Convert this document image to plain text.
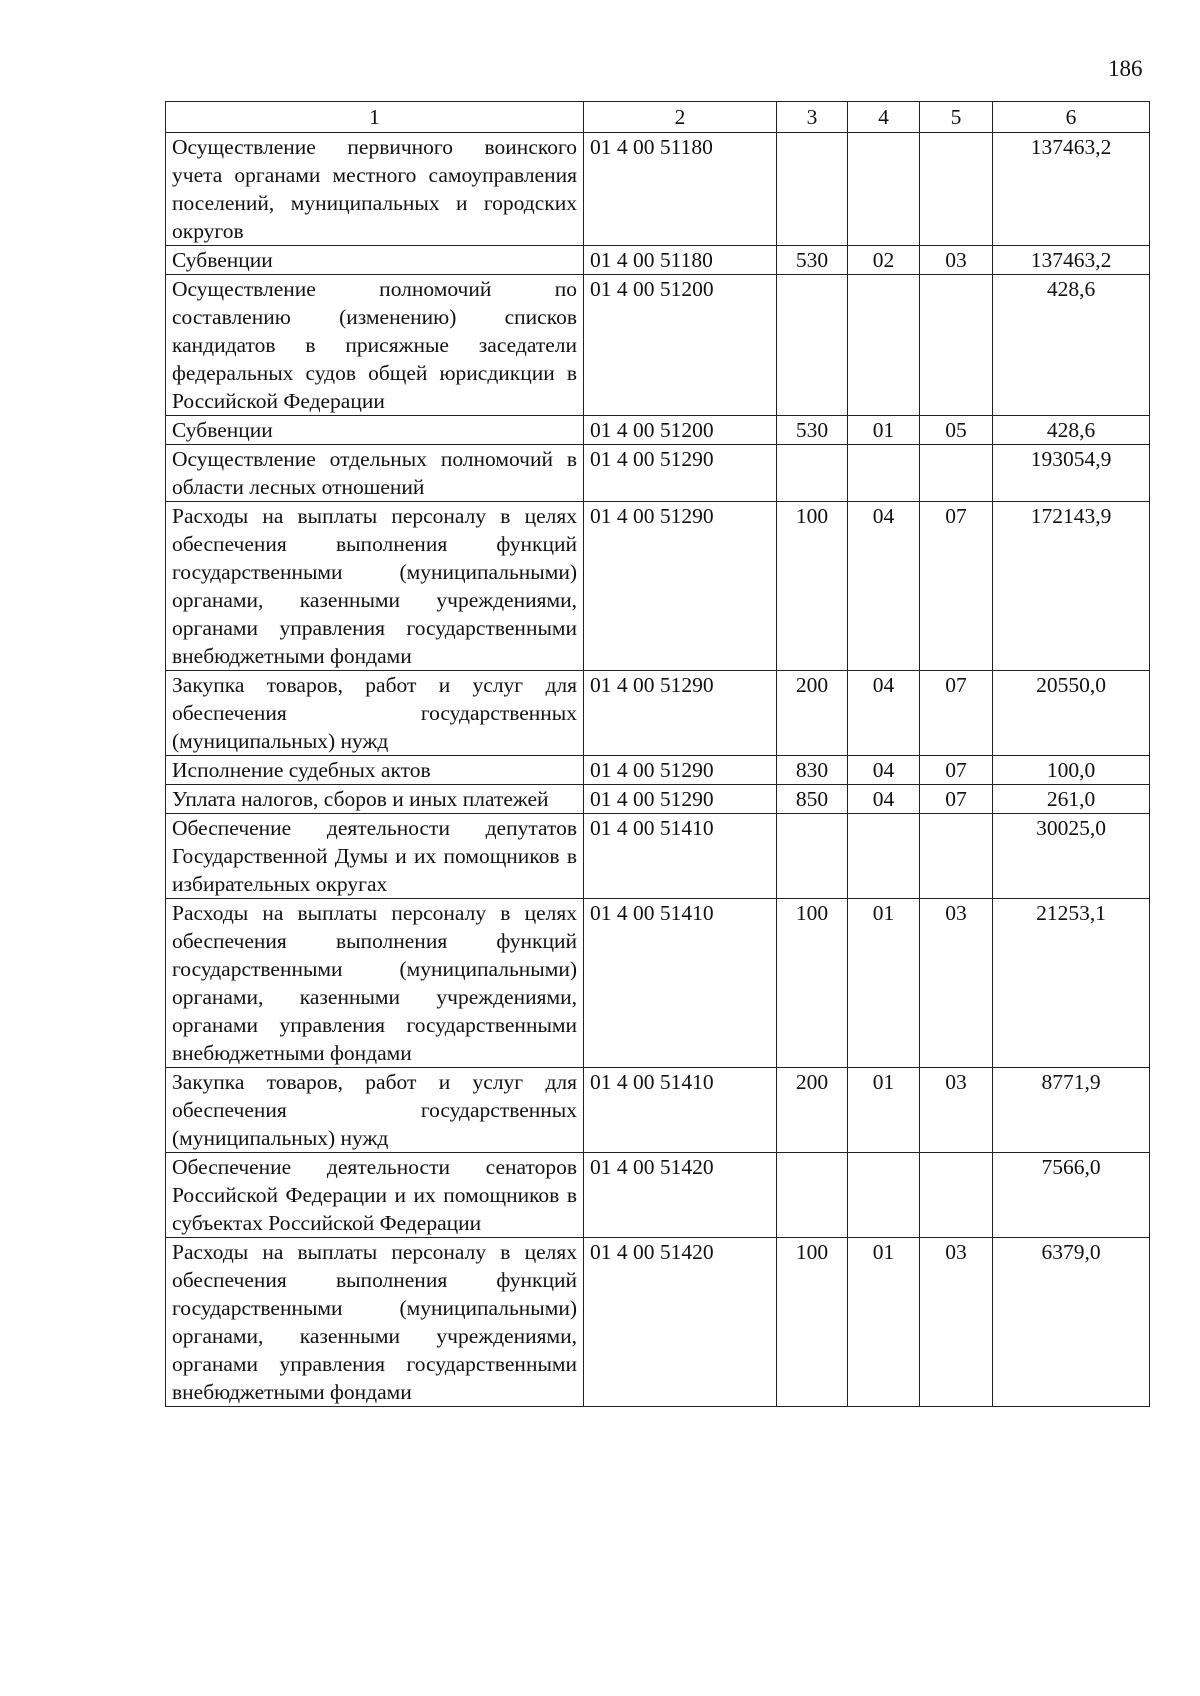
186
1	2	3	4	5	6
Осуществление первичного воинского учета органами местного самоуправления поселений, муниципальных и городских округов	01 4 00 51180				137463,2
Субвенции	01 4 00 51180	530	02	03	137463,2
Осуществление полномочий по составлению (изменению) списков кандидатов в присяжные заседатели федеральных судов общей юрисдикции в Российской Федерации	01 4 00 51200				428,6
Субвенции	01 4 00 51200	530	01	05	428,6
Осуществление отдельных полномочий в области лесных отношений	01 4 00 51290				193054,9
Расходы на выплаты персоналу в целях обеспечения выполнения функций государственными (муниципальными) органами, казенными учреждениями, органами управления государственными внебюджетными фондами	01 4 00 51290	100	04	07	172143,9
Закупка товаров, работ и услуг для обеспечения государственных (муниципальных) нужд	01 4 00 51290	200	04	07	20550,0
Исполнение судебных актов	01 4 00 51290	830	04	07	100,0
Уплата налогов, сборов и иных платежей	01 4 00 51290	850	04	07	261,0
Обеспечение деятельности депутатов Государственной Думы и их помощников в избирательных округах	01 4 00 51410				30025,0
Расходы на выплаты персоналу в целях обеспечения выполнения функций государственными (муниципальными) органами, казенными учреждениями, органами управления государственными внебюджетными фондами	01 4 00 51410	100	01	03	21253,1
Закупка товаров, работ и услуг для обеспечения государственных (муниципальных) нужд	01 4 00 51410	200	01	03	8771,9
Обеспечение деятельности сенаторов Российской Федерации и их помощников в субъектах Российской Федерации	01 4 00 51420				7566,0
Расходы на выплаты персоналу в целях обеспечения выполнения функций государственными (муниципальными) органами, казенными учреждениями, органами управления государственными внебюджетными фондами	01 4 00 51420	100	01	03	6379,0
